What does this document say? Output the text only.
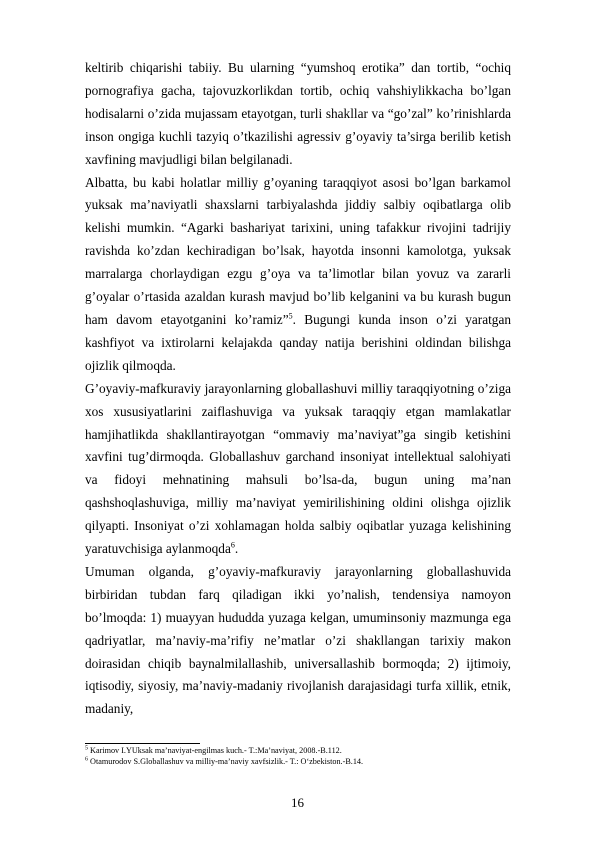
keltirib chiqarishi tabiiy. Bu ularning “yumshoq erotika” dan tortib, “ochiq pornografiya gacha, tajovuzkorlikdan tortib, ochiq vahshiylikkacha bo’lgan hodisalarni o’zida mujassam etayotgan, turli shakllar va “go’zal” ko’rinishlarda inson ongiga kuchli tazyiq o’tkazilishi agressiv g’oyaviy ta’sirga berilib ketish xavfining mavjudligi bilan belgilanadi.

Albatta, bu kabi holatlar milliy g’oyaning taraqqiyot asosi bo’lgan barkamol yuksak ma’naviyatli shaxslarni tarbiyalashda jiddiy salbiy oqibatlarga olib kelishi mumkin. “Agarki bashariyat tarixini, uning tafakkur rivojini tadrijiy ravishda ko’zdan kechiradigan bo’lsak, hayotda insonni kamolotga, yuksak marralarga chorlaydigan ezgu g’oya va ta’limotlar bilan yovuz va zararli g’oyalar o’rtasida azaldan kurash mavjud bo’lib kelganini va bu kurash bugun ham davom etayotganini ko’ramiz”$^5$. Bugungi kunda inson o’zi yaratgan kashfiyot va ixtirolarni kelajakda qanday natija berishini oldindan bilishga ojizlik qilmoqda.

G’oyaviy-mafkuraviy jarayonlarning globallashuvi milliy taraqqiyotning o’ziga xos xususiyatlarini zaiflashuviga va yuksak taraqqiy etgan mamlakatlar hamjihatlikda shakllantirayotgan “ommaviy ma’naviyat”ga singib ketishini xavfini tug’dirmoqda. Globallashuv garchand insoniyat intellektual salohiyati va fidoyi mehnatining mahsuli bo’lsa-da, bugun uning ma’nan qashshoqlashuviga, milliy ma’naviyat yemirilishining oldini olishga ojizlik qilyapti. Insoniyat o’zi xohlamagan holda salbiy oqibatlar yuzaga kelishining yaratuvchisiga aylanmoqda$^6$.

Umuman olganda, g’oyaviy-mafkuraviy jarayonlarning globallashuvida birbiridan tubdan farq qiladigan ikki yo’nalish, tendensiya namoyon bo’lmoqda: 1) muayyan hududda yuzaga kelgan, umuminsoniy mazmunga ega qadriyatlar, ma’naviy-ma’rifiy ne’matlar o’zi shakllangan tarixiy makon doirasidan chiqib baynalmilallashib, universallashib bormoqda; 2) ijtimoiy, iqtisodiy, siyosiy, ma’naviy-madaniy rivojlanish darajasidagi turfa xillik, etnik, madaniy,

$^5$ Karimov I.YUksak ma’naviyat-engilmas kuch.- T.:Ma’naviyat, 2008.-B.112.

$^6$ Otamurodov S.Globallashuv va milliy-ma’naviy xavfsizlik.- T.: O‘zbekiston.-B.14.

16
